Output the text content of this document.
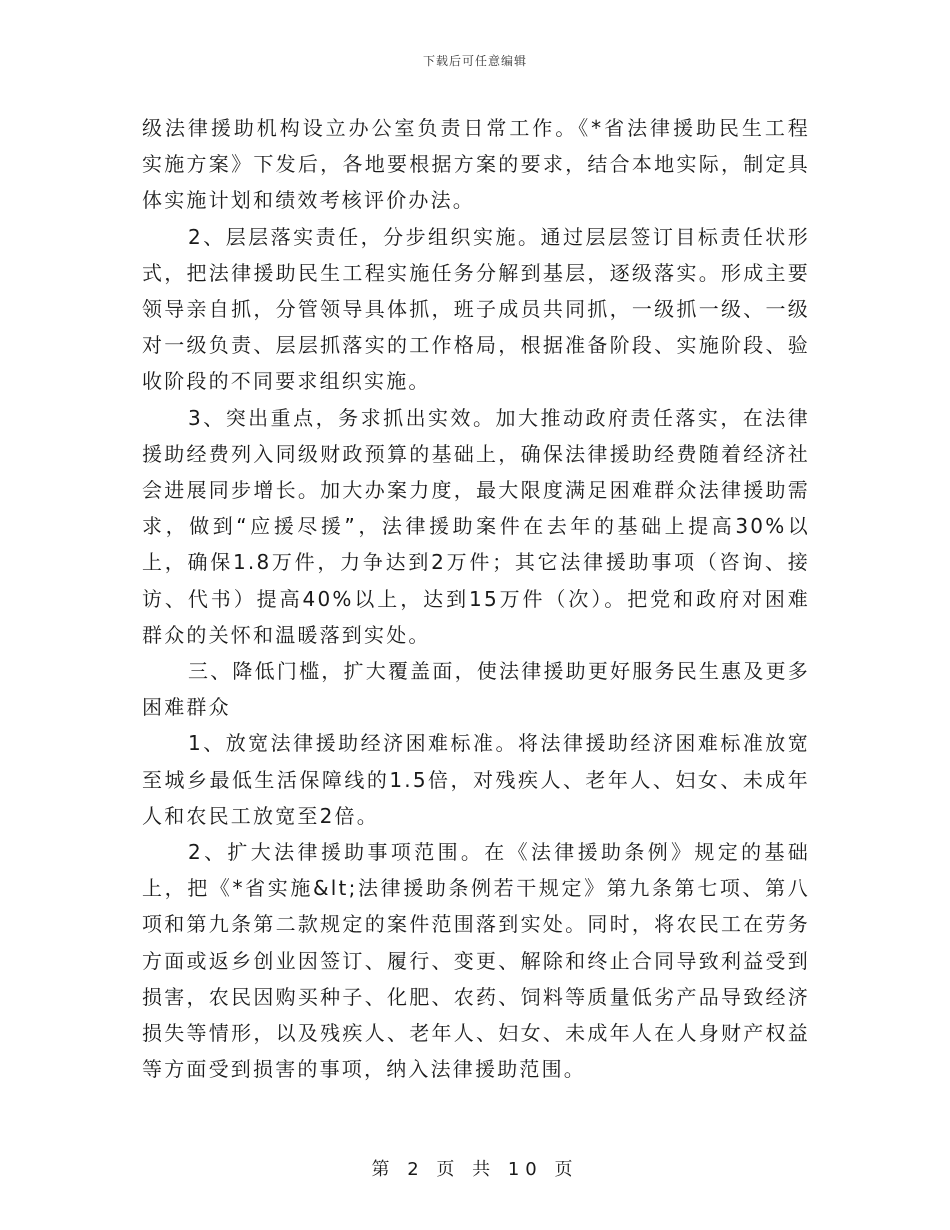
下载后可任意编辑

级法律援助机构设立办公室负责日常工作。《*省法律援助民生工程实施方案》下发后，各地要根据方案的要求，结合本地实际，制定具体实施计划和绩效考核评价办法。

2、层层落实责任，分步组织实施。通过层层签订目标责任状形式，把法律援助民生工程实施任务分解到基层，逐级落实。形成主要领导亲自抓，分管领导具体抓，班子成员共同抓，一级抓一级、一级对一级负责、层层抓落实的工作格局，根据准备阶段、实施阶段、验收阶段的不同要求组织实施。

3、突出重点，务求抓出实效。加大推动政府责任落实，在法律援助经费列入同级财政预算的基础上，确保法律援助经费随着经济社会进展同步增长。加大办案力度，最大限度满足困难群众法律援助需求，做到“应援尽援”，法律援助案件在去年的基础上提高30%以上，确保1.8万件，力争达到2万件；其它法律援助事项（咨询、接访、代书）提高40%以上，达到15万件（次）。把党和政府对困难群众的关怀和温暖落到实处。

三、降低门槛，扩大覆盖面，使法律援助更好服务民生惠及更多困难群众

1、放宽法律援助经济困难标准。将法律援助经济困难标准放宽至城乡最低生活保障线的1.5倍，对残疾人、老年人、妇女、未成年人和农民工放宽至2倍。

2、扩大法律援助事项范围。在《法律援助条例》规定的基础上，把《*省实施&lt;法律援助条例若干规定》第九条第七项、第八项和第九条第二款规定的案件范围落到实处。同时，将农民工在劳务方面或返乡创业因签订、履行、变更、解除和终止合同导致利益受到损害，农民因购买种子、化肥、农药、饲料等质量低劣产品导致经济损失等情形，以及残疾人、老年人、妇女、未成年人在人身财产权益等方面受到损害的事项，纳入法律援助范围。

第 2 页 共 10 页
